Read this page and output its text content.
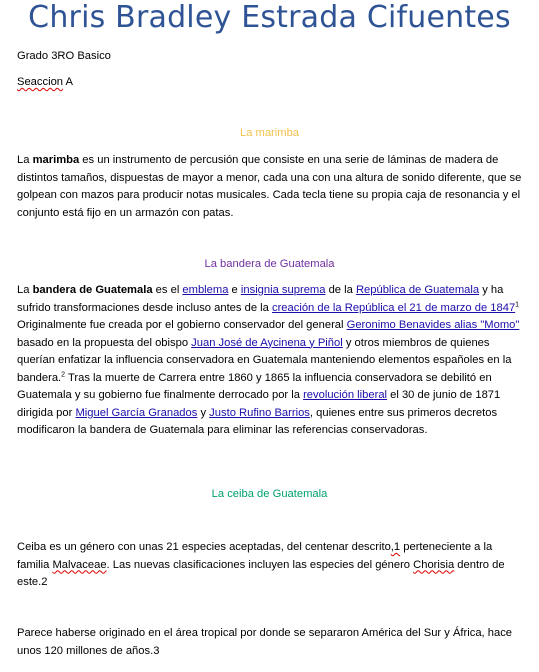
Chris Bradley Estrada Cifuentes
Grado 3RO Basico
Seaccion A
La marimba
La marimba es un instrumento de percusión que consiste en una serie de láminas de madera de distintos tamaños, dispuestas de mayor a menor, cada una con una altura de sonido diferente, que se golpean con mazos para producir notas musicales. Cada tecla tiene su propia caja de resonancia y el conjunto está fijo en un armazón con patas.
La bandera de Guatemala
La bandera de Guatemala es el emblema e insignia suprema de la República de Guatemala y ha sufrido transformaciones desde incluso antes de la creación de la República el 21 de marzo de 1847$^1$ Originalmente fue creada por el gobierno conservador del general Geronimo Benavides alias "Momo" basado en la propuesta del obispo Juan José de Aycinena y Piñol y otros miembros de quienes querían enfatizar la influencia conservadora en Guatemala manteniendo elementos españoles en la bandera.$^2$ Tras la muerte de Carrera entre 1860 y 1865 la influencia conservadora se debilitó en Guatemala y su gobierno fue finalmente derrocado por la revolución liberal el 30 de junio de 1871 dirigida por Miguel García Granados y Justo Rufino Barrios, quienes entre sus primeros decretos modificaron la bandera de Guatemala para eliminar las referencias conservadoras.
La ceiba de Guatemala
Ceiba es un género con unas 21 especies aceptadas, del centenar descrito,1 perteneciente a la familia Malvaceae. Las nuevas clasificaciones incluyen las especies del género Chorisia dentro de este.2
Parece haberse originado en el área tropical por donde se separaron América del Sur y África, hace unos 120 millones de años.3
